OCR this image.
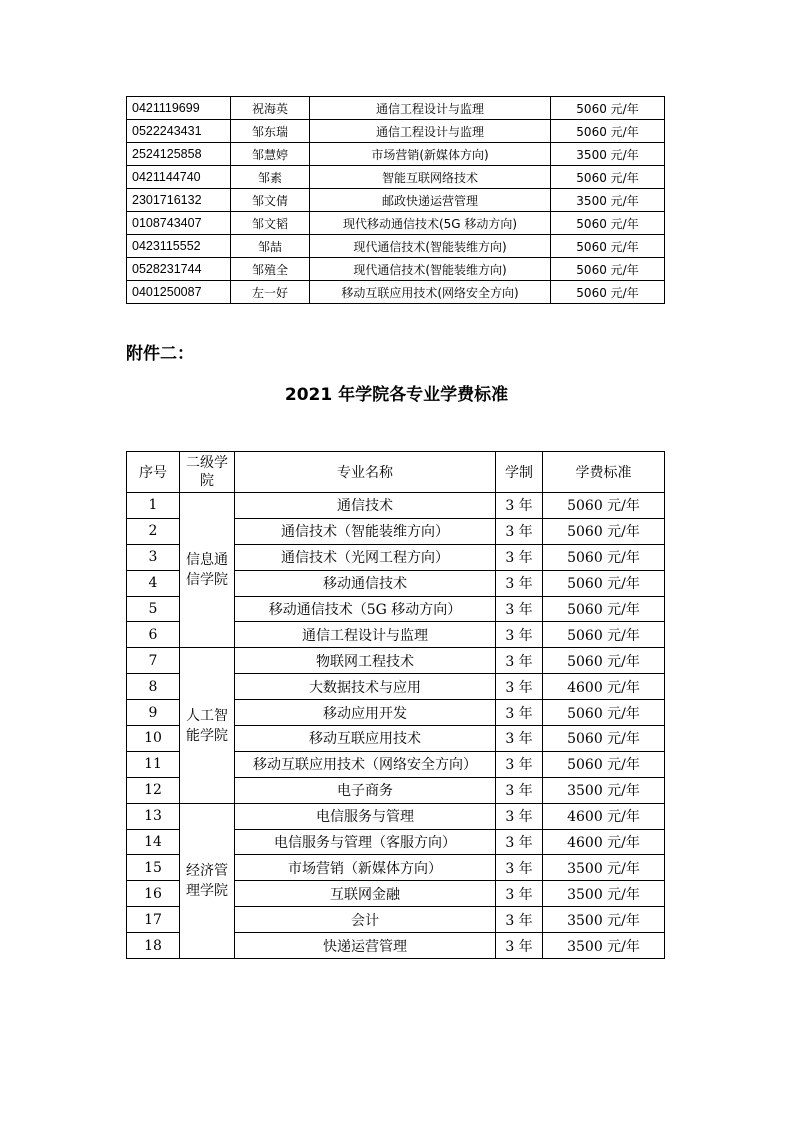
0421119699	祝海英	通信工程设计与监理	5060 元/年
0522243431	邹东瑞	通信工程设计与监理	5060 元/年
2524125858	邹慧婷	市场营销(新媒体方向)	3500 元/年
0421144740	邹素	智能互联网络技术	5060 元/年
2301716132	邹文倩	邮政快递运营管理	3500 元/年
0108743407	邹文韬	现代移动通信技术(5G 移动方向)	5060 元/年
0423115552	邹喆	现代通信技术(智能装维方向)	5060 元/年
0528231744	邹殖全	现代通信技术(智能装维方向)	5060 元/年
0401250087	左一好	移动互联应用技术(网络安全方向)	5060 元/年
附件二：
2021 年学院各专业学费标准
序号	二级学院	专业名称	学制	学费标准
1	信息通信学院	通信技术	3 年	5060 元/年
2		通信技术（智能装维方向）	3 年	5060 元/年
3		通信技术（光网工程方向）	3 年	5060 元/年
4		移动通信技术	3 年	5060 元/年
5		移动通信技术（5G 移动方向）	3 年	5060 元/年
6		通信工程设计与监理	3 年	5060 元/年
7	人工智能学院	物联网工程技术	3 年	5060 元/年
8		大数据技术与应用	3 年	4600 元/年
9		移动应用开发	3 年	5060 元/年
10		移动互联应用技术	3 年	5060 元/年
11		移动互联应用技术（网络安全方向）	3 年	5060 元/年
12		电子商务	3 年	3500 元/年
13	经济管理学院	电信服务与管理	3 年	4600 元/年
14		电信服务与管理（客服方向）	3 年	4600 元/年
15		市场营销（新媒体方向）	3 年	3500 元/年
16		互联网金融	3 年	3500 元/年
17		会计	3 年	3500 元/年
18		快递运营管理	3 年	3500 元/年
